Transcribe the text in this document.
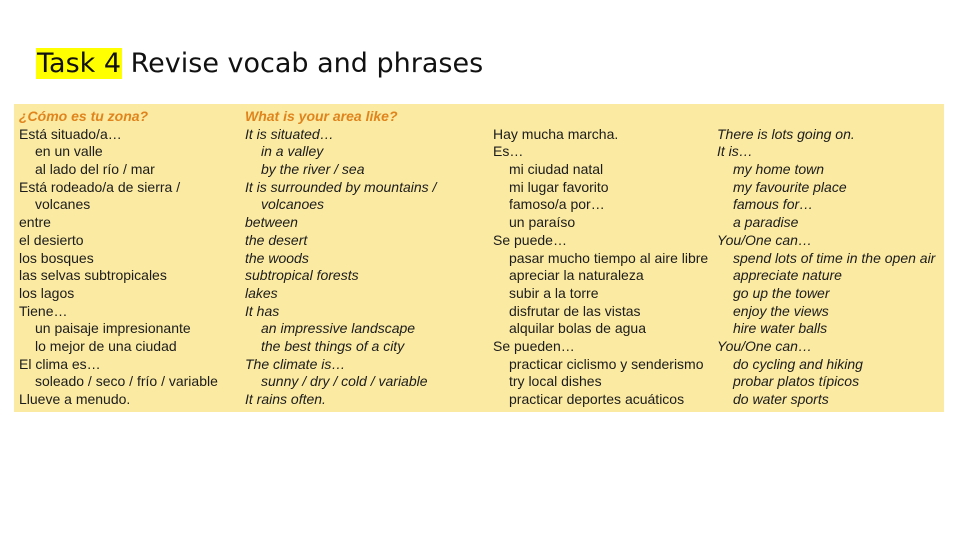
Task 4 Revise vocab and phrases
¿Cómo es tu zona?
Está situado/a…
en un valle
al lado del río / mar
Está rodeado/a de sierra /
volcanes
entre
el desierto
los bosques
las selvas subtropicales
los lagos
Tiene…
un paisaje impresionante
lo mejor de una ciudad
El clima es…
soleado / seco / frío / variable
Llueve a menudo.
What is your area like?
It is situated…
in a valley
by the river / sea
It is surrounded by mountains /
volcanoes
between
the desert
the woods
subtropical forests
lakes
It has
an impressive landscape
the best things of a city
The climate is…
sunny / dry / cold / variable
It rains often.
Hay mucha marcha.
Es…
mi ciudad natal
mi lugar favorito
famoso/a por…
un paraíso
Se puede…
pasar mucho tiempo al aire libre
apreciar la naturaleza
subir a la torre
disfrutar de las vistas
alquilar bolas de agua
Se pueden…
practicar ciclismo y senderismo
try local dishes
practicar deportes acuáticos
There is lots going on.
It is…
my home town
my favourite place
famous for…
a paradise
You/One can…
spend lots of time in the open air
appreciate nature
go up the tower
enjoy the views
hire water balls
You/One can…
do cycling and hiking
probar platos típicos
do water sports
